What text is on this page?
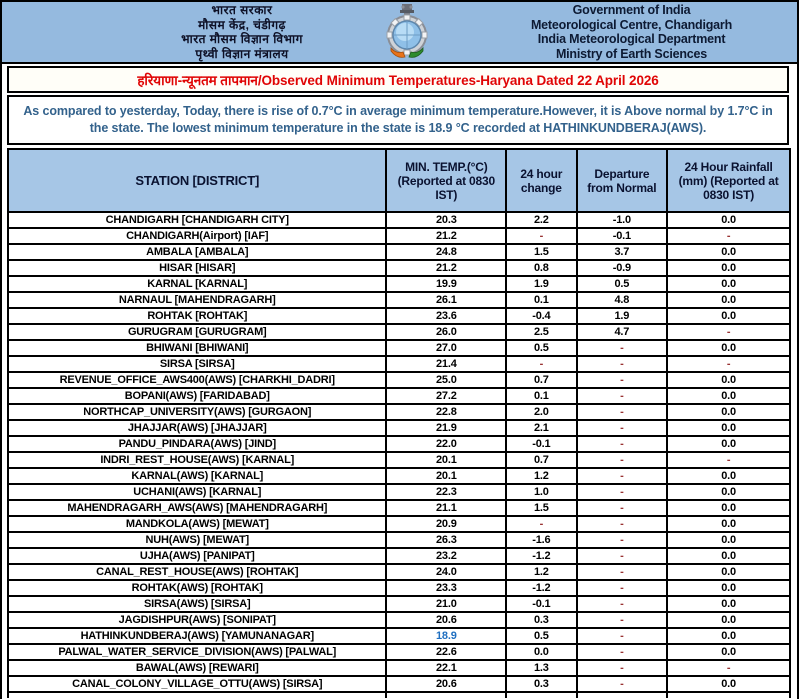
भारत सरकार
मौसम केंद्र, चंडीगढ़
भारत मौसम विज्ञान विभाग
पृथ्वी विज्ञान मंत्रालय
Government of India
Meteorological Centre, Chandigarh
India Meteorological Department
Ministry of Earth Sciences
हरियाणा-न्यूनतम तापमान/Observed Minimum Temperatures-Haryana Dated 22 April 2026
As compared to yesterday, Today, there is rise of 0.7°C in average minimum temperature.However, it is Above normal by 1.7°C in the state. The lowest minimum temperature in the state is 18.9 °C recorded at HATHINKUNDBERAJ(AWS).
STATION [DISTRICT]	MIN. TEMP.(°C) (Reported at 0830 IST)	24 hour change	Departure from Normal	24 Hour Rainfall (mm) (Reported at 0830 IST)
CHANDIGARH [CHANDIGARH CITY]	20.3	2.2	-1.0	0.0
CHANDIGARH(Airport) [IAF]	21.2	-	-0.1	-
AMBALA [AMBALA]	24.8	1.5	3.7	0.0
HISAR [HISAR]	21.2	0.8	-0.9	0.0
KARNAL [KARNAL]	19.9	1.9	0.5	0.0
NARNAUL [MAHENDRAGARH]	26.1	0.1	4.8	0.0
ROHTAK [ROHTAK]	23.6	-0.4	1.9	0.0
GURUGRAM [GURUGRAM]	26.0	2.5	4.7	-
BHIWANI [BHIWANI]	27.0	0.5	-	0.0
SIRSA [SIRSA]	21.4	-	-	-
REVENUE_OFFICE_AWS400(AWS) [CHARKHI_DADRI]	25.0	0.7	-	0.0
BOPANI(AWS) [FARIDABAD]	27.2	0.1	-	0.0
NORTHCAP_UNIVERSITY(AWS) [GURGAON]	22.8	2.0	-	0.0
JHAJJAR(AWS) [JHAJJAR]	21.9	2.1	-	0.0
PANDU_PINDARA(AWS) [JIND]	22.0	-0.1	-	0.0
INDRI_REST_HOUSE(AWS) [KARNAL]	20.1	0.7	-	-
KARNAL(AWS) [KARNAL]	20.1	1.2	-	0.0
UCHANI(AWS) [KARNAL]	22.3	1.0	-	0.0
MAHENDRAGARH_AWS(AWS) [MAHENDRAGARH]	21.1	1.5	-	0.0
MANDKOLA(AWS) [MEWAT]	20.9	-	-	0.0
NUH(AWS) [MEWAT]	26.3	-1.6	-	0.0
UJHA(AWS) [PANIPAT]	23.2	-1.2	-	0.0
CANAL_REST_HOUSE(AWS) [ROHTAK]	24.0	1.2	-	0.0
ROHTAK(AWS) [ROHTAK]	23.3	-1.2	-	0.0
SIRSA(AWS) [SIRSA]	21.0	-0.1	-	0.0
JAGDISHPUR(AWS) [SONIPAT]	20.6	0.3	-	0.0
HATHINKUNDBERAJ(AWS) [YAMUNANAGAR]	18.9	0.5	-	0.0
PALWAL_WATER_SERVICE_DIVISION(AWS) [PALWAL]	22.6	0.0	-	0.0
BAWAL(AWS) [REWARI]	22.1	1.3	-	-
CANAL_COLONY_VILLAGE_OTTU(AWS) [SIRSA]	20.6	0.3	-	0.0
